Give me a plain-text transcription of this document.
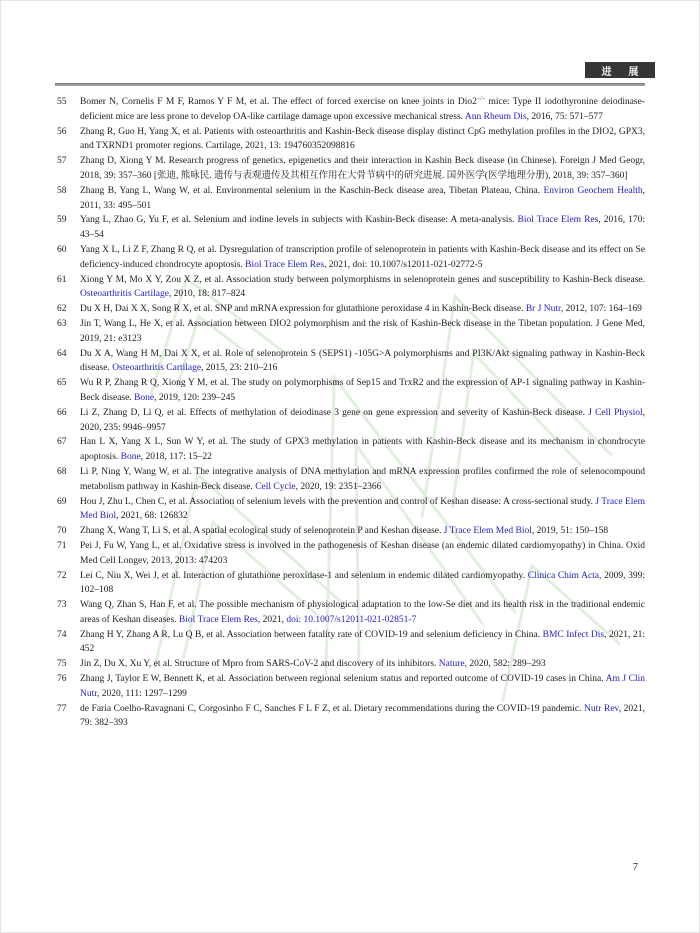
进 展
55	Bomer N, Cornelis F M F, Ramos Y F M, et al. The effect of forced exercise on knee joints in Dio2−/− mice: Type II iodothyronine deiodinase-deficient mice are less prone to develop OA-like cartilage damage upon excessive mechanical stress. Ann Rheum Dis, 2016, 75: 571–577
56	Zhang R, Guo H, Yang X, et al. Patients with osteoarthritis and Kashin-Beck disease display distinct CpG methylation profiles in the DIO2, GPX3, and TXRND1 promoter regions. Cartilage, 2021, 13: 194760352098816
57	Zhang D, Xiong Y M. Research progress of genetics, epigenetics and their interaction in Kashin Beck disease (in Chinese). Foreign J Med Geogr, 2018, 39: 357–360 [张迪, 熊咏民. 遗传与表观遗传及其相互作用在大骨节病中的研究进展. 国外医学(医学地理分册), 2018, 39: 357–360]
58	Zhang B, Yang L, Wang W, et al. Environmental selenium in the Kaschin-Beck disease area, Tibetan Plateau, China. Environ Geochem Health, 2011, 33: 495–501
59	Yang L, Zhao G, Yu F, et al. Selenium and iodine levels in subjects with Kashin-Beck disease: A meta-analysis. Biol Trace Elem Res, 2016, 170: 43–54
60	Yang X L, Li Z F, Zhang R Q, et al. Dysregulation of transcription profile of selenoprotein in patients with Kashin-Beck disease and its effect on Se deficiency-induced chondrocyte apoptosis. Biol Trace Elem Res, 2021, doi: 10.1007/s12011-021-02772-5
61	Xiong Y M, Mo X Y, Zou X Z, et al. Association study between polymorphisms in selenoprotein genes and susceptibility to Kashin-Beck disease. Osteoarthritis Cartilage, 2010, 18: 817–824
62	Du X H, Dai X X, Song R X, et al. SNP and mRNA expression for glutathione peroxidase 4 in Kashin-Beck disease. Br J Nutr, 2012, 107: 164–169
63	Jin T, Wang L, He X, et al. Association between DIO2 polymorphism and the risk of Kashin-Beck disease in the Tibetan population. J Gene Med, 2019, 21: e3123
64	Du X A, Wang H M, Dai X X, et al. Role of selenoprotein S (SEPS1) -105G>A polymorphisms and PI3K/Akt signaling pathway in Kashin-Beck disease. Osteoarthritis Cartilage, 2015, 23: 210–216
65	Wu R P, Zhang R Q, Xiong Y M, et al. The study on polymorphisms of Sep15 and TrxR2 and the expression of AP-1 signaling pathway in Kashin-Beck disease. Bone, 2019, 120: 239–245
66	Li Z, Zhang D, Li Q, et al. Effects of methylation of deiodinase 3 gene on gene expression and severity of Kashin-Beck disease. J Cell Physiol, 2020, 235: 9946–9957
67	Han L X, Yang X L, Sun W Y, et al. The study of GPX3 methylation in patients with Kashin-Beck disease and its mechanism in chondrocyte apoptosis. Bone, 2018, 117: 15–22
68	Li P, Ning Y, Wang W, et al. The integrative analysis of DNA methylation and mRNA expression profiles confirmed the role of selenocompound metabolism pathway in Kashin-Beck disease. Cell Cycle, 2020, 19: 2351–2366
69	Hou J, Zhu L, Chen C, et al. Association of selenium levels with the prevention and control of Keshan disease: A cross-sectional study. J Trace Elem Med Biol, 2021, 68: 126832
70	Zhang X, Wang T, Li S, et al. A spatial ecological study of selenoprotein P and Keshan disease. J Trace Elem Med Biol, 2019, 51: 150–158
71	Pei J, Fu W, Yang L, et al. Oxidative stress is involved in the pathogenesis of Keshan disease (an endemic dilated cardiomyopathy) in China. Oxid Med Cell Longev, 2013, 2013: 474203
72	Lei C, Niu X, Wei J, et al. Interaction of glutathione peroxidase-1 and selenium in endemic dilated cardiomyopathy. Clinica Chim Acta, 2009, 399: 102–108
73	Wang Q, Zhan S, Han F, et al. The possible mechanism of physiological adaptation to the low-Se diet and its health risk in the traditional endemic areas of Keshan diseases. Biol Trace Elem Res, 2021, doi: 10.1007/s12011-021-02851-7
74	Zhang H Y, Zhang A R, Lu Q B, et al. Association between fatality rate of COVID-19 and selenium deficiency in China. BMC Infect Dis, 2021, 21: 452
75	Jin Z, Du X, Xu Y, et al. Structure of Mpro from SARS-CoV-2 and discovery of its inhibitors. Nature, 2020, 582: 289–293
76	Zhang J, Taylor E W, Bennett K, et al. Association between regional selenium status and reported outcome of COVID-19 cases in China. Am J Clin Nutr, 2020, 111: 1297–1299
77	de Faria Coelho-Ravagnani C, Corgosinho F C, Sanches F L F Z, et al. Dietary recommendations during the COVID-19 pandemic. Nutr Rev, 2021, 79: 382–393
7
